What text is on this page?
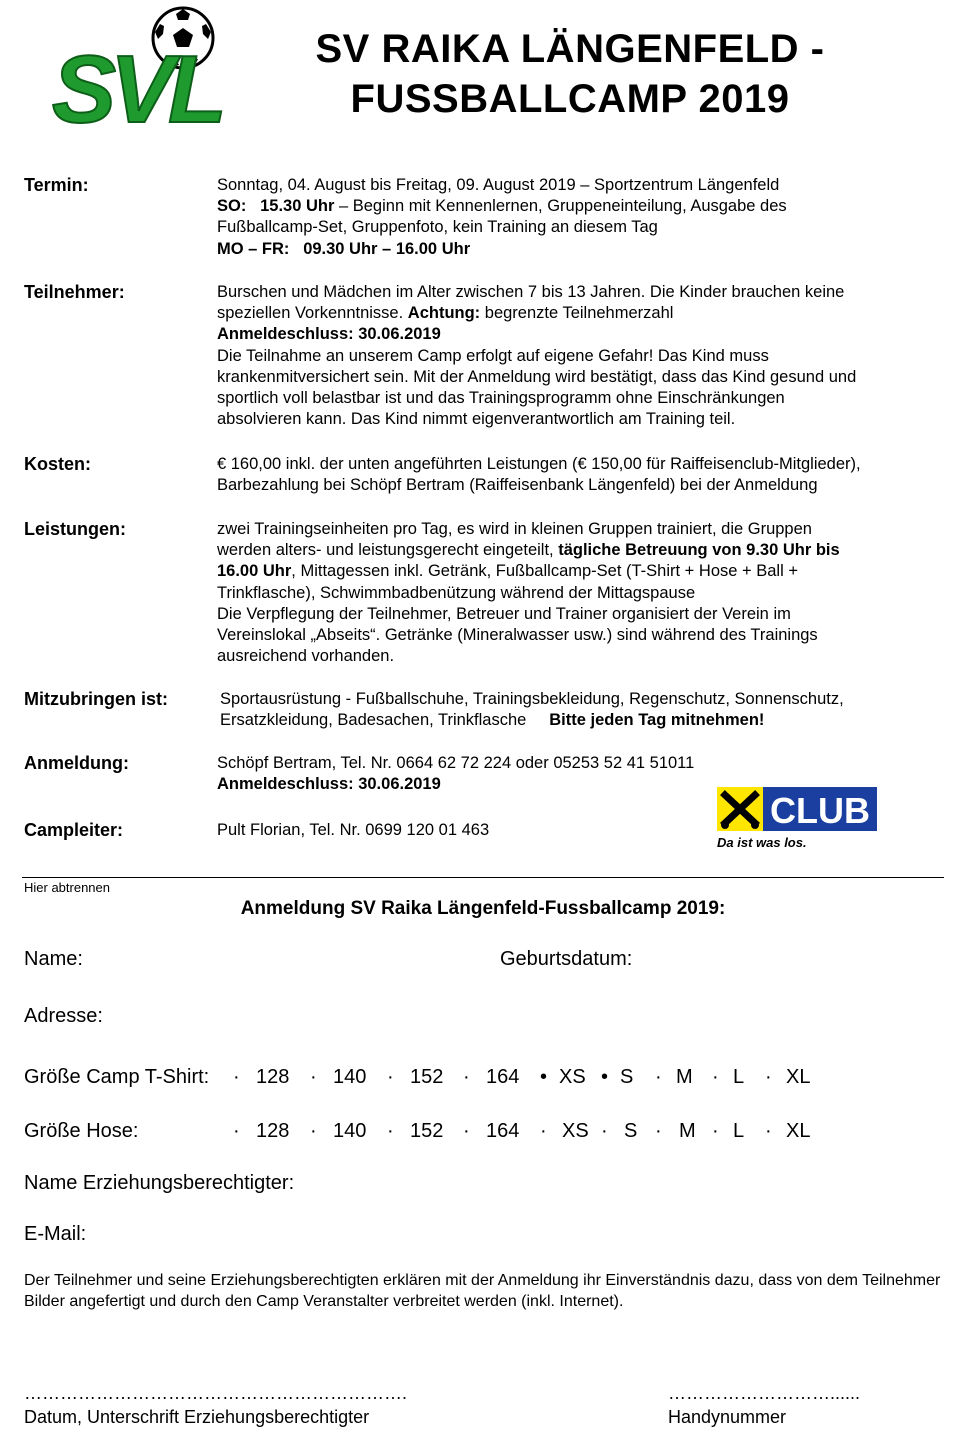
SVL	SV RAIKA LÄNGENFELD -
FUSSBALLCAMP 2019
Termin:	Sonntag, 04. August bis Freitag, 09. August 2019 – Sportzentrum Längenfeld
SO: 15.30 Uhr – Beginn mit Kennenlernen, Gruppeneinteilung, Ausgabe des
Fußballcamp-Set, Gruppenfoto, kein Training an diesem Tag
MO – FR: 09.30 Uhr – 16.00 Uhr
Teilnehmer:	Burschen und Mädchen im Alter zwischen 7 bis 13 Jahren. Die Kinder brauchen keine
speziellen Vorkenntnisse. Achtung: begrenzte Teilnehmerzahl
Anmeldeschluss: 30.06.2019
Die Teilnahme an unserem Camp erfolgt auf eigene Gefahr! Das Kind muss
krankenmitversichert sein. Mit der Anmeldung wird bestätigt, dass das Kind gesund und
sportlich voll belastbar ist und das Trainingsprogramm ohne Einschränkungen
absolvieren kann. Das Kind nimmt eigenverantwortlich am Training teil.
Kosten:	€ 160,00 inkl. der unten angeführten Leistungen (€ 150,00 für Raiffeisenclub-Mitglieder),
Barbezahlung bei Schöpf Bertram (Raiffeisenbank Längenfeld) bei der Anmeldung
Leistungen:	zwei Trainingseinheiten pro Tag, es wird in kleinen Gruppen trainiert, die Gruppen
werden alters- und leistungsgerecht eingeteilt, tägliche Betreuung von 9.30 Uhr bis
16.00 Uhr, Mittagessen inkl. Getränk, Fußballcamp-Set (T-Shirt + Hose + Ball +
Trinkflasche), Schwimmbadbenützung während der Mittagspause
Die Verpflegung der Teilnehmer, Betreuer und Trainer organisiert der Verein im
Vereinslokal „Abseits“. Getränke (Mineralwasser usw.) sind während des Trainings
ausreichend vorhanden.
Mitzubringen ist:	Sportausrüstung - Fußballschuhe, Trainingsbekleidung, Regenschutz, Sonnenschutz,
Ersatzkleidung, Badesachen, Trinkflasche Bitte jeden Tag mitnehmen!
Anmeldung:	Schöpf Bertram, Tel. Nr. 0664 62 72 224 oder 05253 52 41 51011
Anmeldeschluss: 30.06.2019
Campleiter:	Pult Florian, Tel. Nr. 0699 120 01 463	CLUB
Da ist was los.
Hier abtrennen
Anmeldung SV Raika Längenfeld-Fussballcamp 2019:
Name:	Geburtsdatum:
Adresse:
Größe Camp T-Shirt: · 128 · 140 · 152 · 164 • XS • S · M · L · XL
Größe Hose:	· 128 · 140 · 152 · 164 · XS · S · M · L · XL
Name Erziehungsberechtigter:
E-Mail:
Der Teilnehmer und seine Erziehungsberechtigten erklären mit der Anmeldung ihr Einverständnis dazu, dass von dem Teilnehmer Bilder angefertigt und durch den Camp Veranstalter verbreitet werden (inkl. Internet).
……………………………………………………….	………………………......
Datum, Unterschrift Erziehungsberechtigter	Handynummer
